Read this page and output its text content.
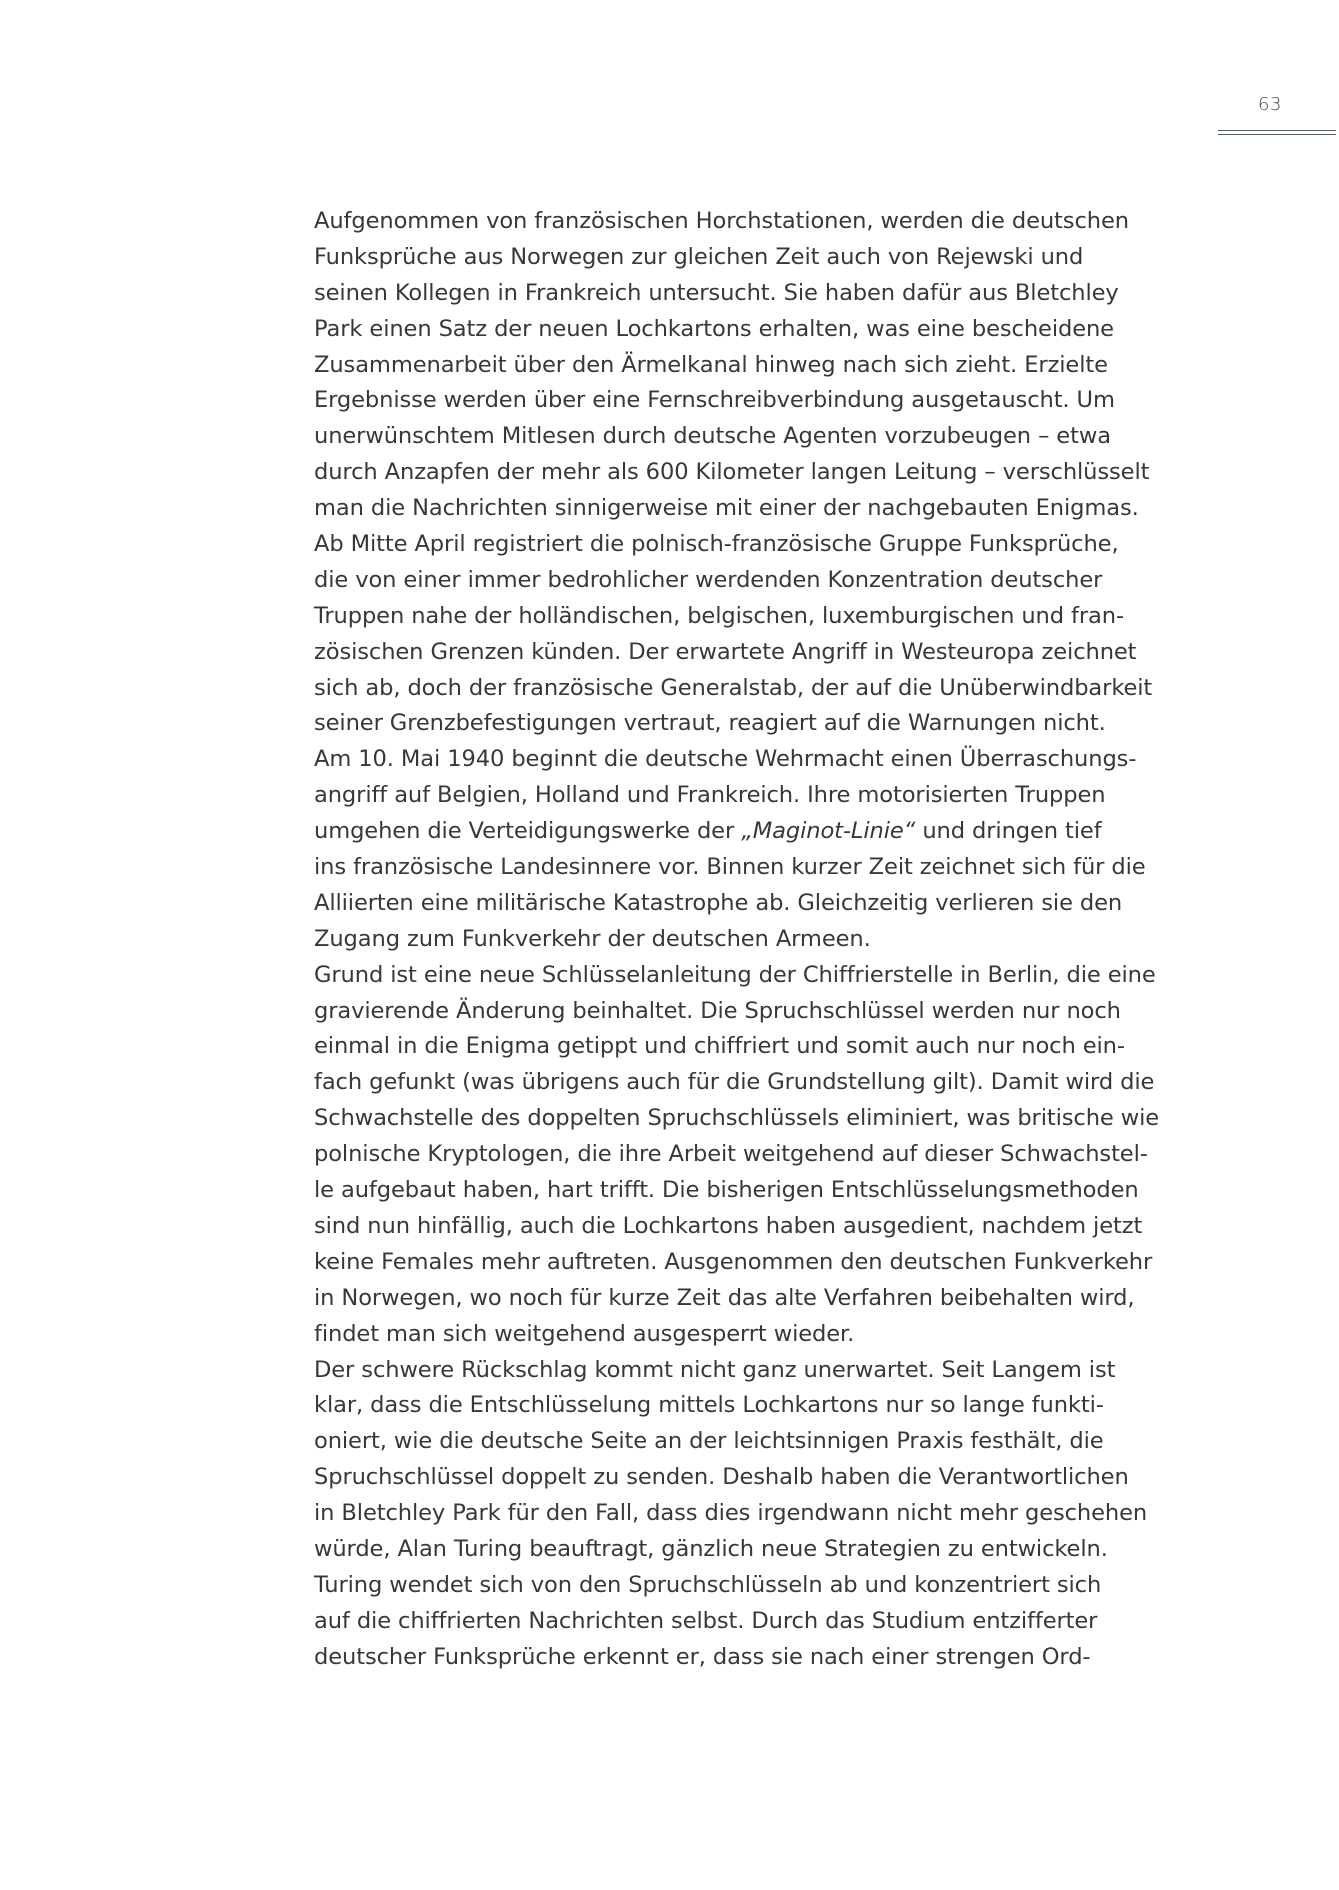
63
Aufgenommen von französischen Horchstationen, werden die deutschen
Funksprüche aus Norwegen zur gleichen Zeit auch von Rejewski und
seinen Kollegen in Frankreich untersucht. Sie haben dafür aus Bletchley
Park einen Satz der neuen Lochkartons erhalten, was eine bescheidene
Zusammenarbeit über den Ärmelkanal hinweg nach sich zieht. Erzielte
Ergebnisse werden über eine Fernschreibverbindung ausgetauscht. Um
unerwünschtem Mitlesen durch deutsche Agenten vorzubeugen – etwa
durch Anzapfen der mehr als 600 Kilometer langen Leitung – verschlüsselt
man die Nachrichten sinnigerweise mit einer der nachgebauten Enigmas.
Ab Mitte April registriert die polnisch-französische Gruppe Funksprüche,
die von einer immer bedrohlicher werdenden Konzentration deutscher
Truppen nahe der holländischen, belgischen, luxemburgischen und fran-
zösischen Grenzen künden. Der erwartete Angriff in Westeuropa zeichnet
sich ab, doch der französische Generalstab, der auf die Unüberwindbarkeit
seiner Grenzbefestigungen vertraut, reagiert auf die Warnungen nicht.
Am 10. Mai 1940 beginnt die deutsche Wehrmacht einen Überraschungs-
angriff auf Belgien, Holland und Frankreich. Ihre motorisierten Truppen
umgehen die Verteidigungswerke der „Maginot-Linie“ und dringen tief
ins französische Landesinnere vor. Binnen kurzer Zeit zeichnet sich für die
Alliierten eine militärische Katastrophe ab. Gleichzeitig verlieren sie den
Zugang zum Funkverkehr der deutschen Armeen.
Grund ist eine neue Schlüsselanleitung der Chiffrierstelle in Berlin, die eine
gravierende Änderung beinhaltet. Die Spruchschlüssel werden nur noch
einmal in die Enigma getippt und chiffriert und somit auch nur noch ein-
fach gefunkt (was übrigens auch für die Grundstellung gilt). Damit wird die
Schwachstelle des doppelten Spruchschlüssels eliminiert, was britische wie
polnische Kryptologen, die ihre Arbeit weitgehend auf dieser Schwachstel-
le aufgebaut haben, hart trifft. Die bisherigen Entschlüsselungsmethoden
sind nun hinfällig, auch die Lochkartons haben ausgedient, nachdem jetzt
keine Females mehr auftreten. Ausgenommen den deutschen Funkverkehr
in Norwegen, wo noch für kurze Zeit das alte Verfahren beibehalten wird,
findet man sich weitgehend ausgesperrt wieder.
Der schwere Rückschlag kommt nicht ganz unerwartet. Seit Langem ist
klar, dass die Entschlüsselung mittels Lochkartons nur so lange funkti-
oniert, wie die deutsche Seite an der leichtsinnigen Praxis festhält, die
Spruchschlüssel doppelt zu senden. Deshalb haben die Verantwortlichen
in Bletchley Park für den Fall, dass dies irgendwann nicht mehr geschehen
würde, Alan Turing beauftragt, gänzlich neue Strategien zu entwickeln.
Turing wendet sich von den Spruchschlüsseln ab und konzentriert sich
auf die chiffrierten Nachrichten selbst. Durch das Studium entzifferter
deutscher Funksprüche erkennt er, dass sie nach einer strengen Ord-
